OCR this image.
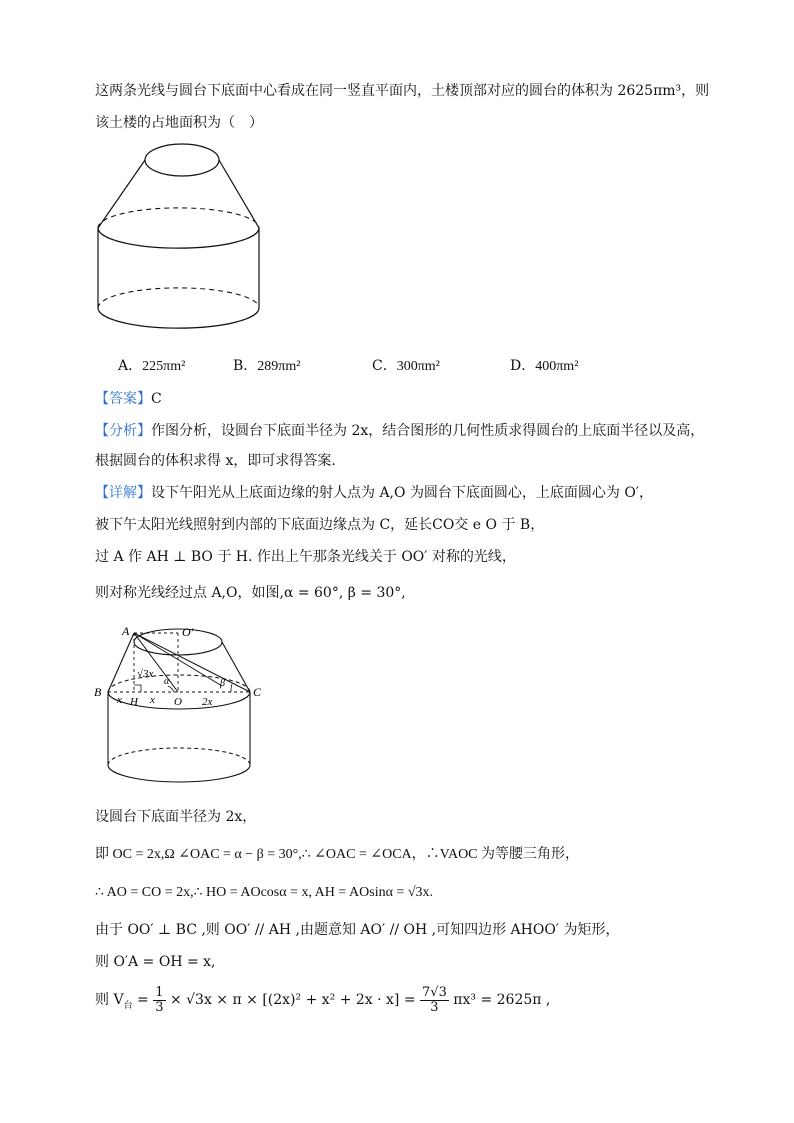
这两条光线与圆台下底面中心看成在同一竖直平面内，土楼顶部对应的圆台的体积为 2625πm³，则
该土楼的占地面积为（　）
A．225πm²	B．289πm²	C．300πm²	D．400πm²
【答案】C
【分析】作图分析，设圆台下底面半径为 2x，结合图形的几何性质求得圆台的上底面半径以及高，
根据圆台的体积求得 x，即可求得答案.
【详解】设下午阳光从上底面边缘的射人点为 A,O 为圆台下底面圆心，上底面圆心为 O′，
被下午太阳光线照射到内部的下底面边缘点为 C，延长CO交 e O 于 B，
过 A 作 AH ⊥ BO 于 H. 作出上午那条光线关于 OO′ 对称的光线，
则对称光线经过点 A,O，如图,α = 60°, β = 30°,
A	O′
B	C
H	O
√3x
α	β
x	x	2x
设圆台下底面半径为 2x，
即 OC = 2x,Ω ∠OAC = α − β = 30°,∴ ∠OAC = ∠OCA，∴VAOC 为等腰三角形，
∴ AO = CO = 2x,∴ HO = AOcosα = x, AH = AOsinα = √3x.
由于 OO′ ⊥ BC ,则 OO′ // AH ,由题意知 AO′ // OH ,可知四边形 AHOO′ 为矩形，
则 O′A = OH = x,
则 $V_台 = \frac{1}{3} \times √3x \times \pi \times [(2x)^2 + x^2 + 2x \cdot x] = \frac{7√3}{3} \pi x^3 = 2625\pi$ ,
